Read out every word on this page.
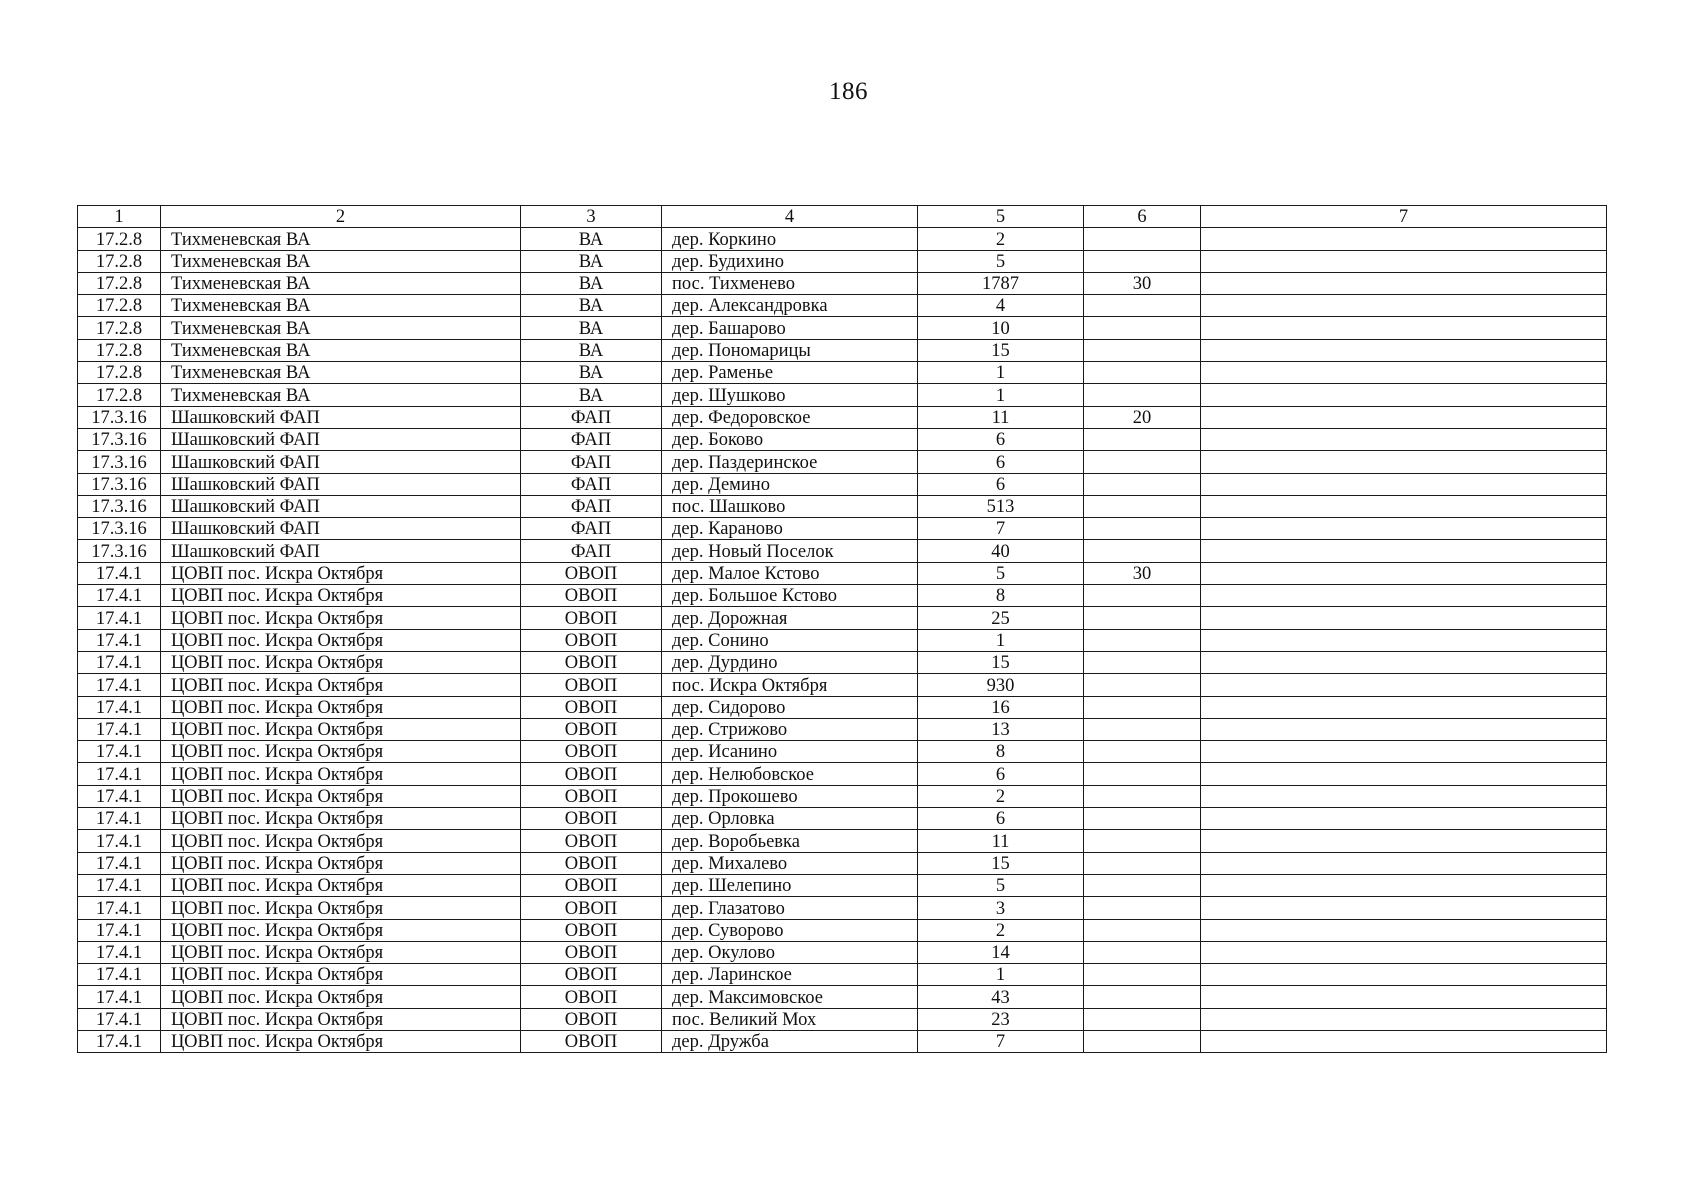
186
1	2	3	4	5	6	7
17.2.8	Тихменевская ВА	ВА	дер. Коркино	2		
17.2.8	Тихменевская ВА	ВА	дер. Будихино	5		
17.2.8	Тихменевская ВА	ВА	пос. Тихменево	1787	30	
17.2.8	Тихменевская ВА	ВА	дер. Александровка	4		
17.2.8	Тихменевская ВА	ВА	дер. Башарово	10		
17.2.8	Тихменевская ВА	ВА	дер. Пономарицы	15		
17.2.8	Тихменевская ВА	ВА	дер. Раменье	1		
17.2.8	Тихменевская ВА	ВА	дер. Шушково	1		
17.3.16	Шашковский ФАП	ФАП	дер. Федоровское	11	20	
17.3.16	Шашковский ФАП	ФАП	дер. Боково	6		
17.3.16	Шашковский ФАП	ФАП	дер. Паздеринское	6		
17.3.16	Шашковский ФАП	ФАП	дер. Демино	6		
17.3.16	Шашковский ФАП	ФАП	пос. Шашково	513		
17.3.16	Шашковский ФАП	ФАП	дер. Караново	7		
17.3.16	Шашковский ФАП	ФАП	дер. Новый Поселок	40		
17.4.1	ЦОВП пос. Искра Октября	ОВОП	дер. Малое Кстово	5	30	
17.4.1	ЦОВП пос. Искра Октября	ОВОП	дер. Большое Кстово	8		
17.4.1	ЦОВП пос. Искра Октября	ОВОП	дер. Дорожная	25		
17.4.1	ЦОВП пос. Искра Октября	ОВОП	дер. Сонино	1		
17.4.1	ЦОВП пос. Искра Октября	ОВОП	дер. Дурдино	15		
17.4.1	ЦОВП пос. Искра Октября	ОВОП	пос. Искра Октября	930		
17.4.1	ЦОВП пос. Искра Октября	ОВОП	дер. Сидорово	16		
17.4.1	ЦОВП пос. Искра Октября	ОВОП	дер. Стрижово	13		
17.4.1	ЦОВП пос. Искра Октября	ОВОП	дер. Исанино	8		
17.4.1	ЦОВП пос. Искра Октября	ОВОП	дер. Нелюбовское	6		
17.4.1	ЦОВП пос. Искра Октября	ОВОП	дер. Прокошево	2		
17.4.1	ЦОВП пос. Искра Октября	ОВОП	дер. Орловка	6		
17.4.1	ЦОВП пос. Искра Октября	ОВОП	дер. Воробьевка	11		
17.4.1	ЦОВП пос. Искра Октября	ОВОП	дер. Михалево	15		
17.4.1	ЦОВП пос. Искра Октября	ОВОП	дер. Шелепино	5		
17.4.1	ЦОВП пос. Искра Октября	ОВОП	дер. Глазатово	3		
17.4.1	ЦОВП пос. Искра Октября	ОВОП	дер. Суворово	2		
17.4.1	ЦОВП пос. Искра Октября	ОВОП	дер. Окулово	14		
17.4.1	ЦОВП пос. Искра Октября	ОВОП	дер. Ларинское	1		
17.4.1	ЦОВП пос. Искра Октября	ОВОП	дер. Максимовское	43		
17.4.1	ЦОВП пос. Искра Октября	ОВОП	пос. Великий Мох	23		
17.4.1	ЦОВП пос. Искра Октября	ОВОП	дер. Дружба	7		
